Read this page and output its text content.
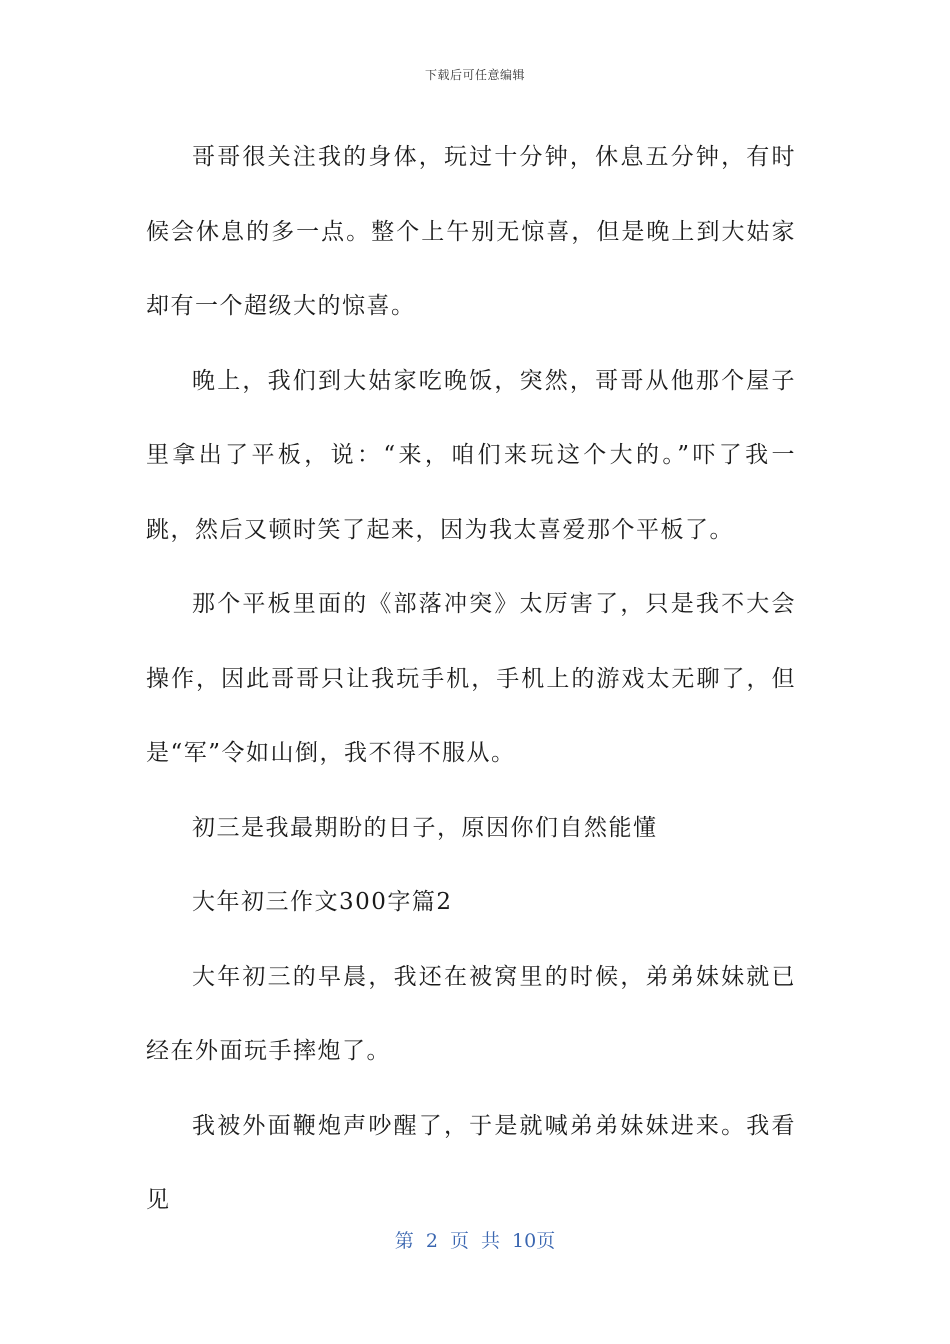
下载后可任意编辑

哥哥很关注我的身体，玩过十分钟，休息五分钟，有时候会休息的多一点。整个上午别无惊喜，但是晚上到大姑家却有一个超级大的惊喜。

晚上，我们到大姑家吃晚饭，突然，哥哥从他那个屋子里拿出了平板，说：“来，咱们来玩这个大的。”吓了我一跳，然后又顿时笑了起来，因为我太喜爱那个平板了。

那个平板里面的《部落冲突》太厉害了，只是我不大会操作，因此哥哥只让我玩手机，手机上的游戏太无聊了，但是“军”令如山倒，我不得不服从。

初三是我最期盼的日子，原因你们自然能懂

大年初三作文300字篇2

大年初三的早晨，我还在被窝里的时候，弟弟妹妹就已经在外面玩手摔炮了。

我被外面鞭炮声吵醒了，于是就喊弟弟妹妹进来。我看见

第 2 页 共 10页
